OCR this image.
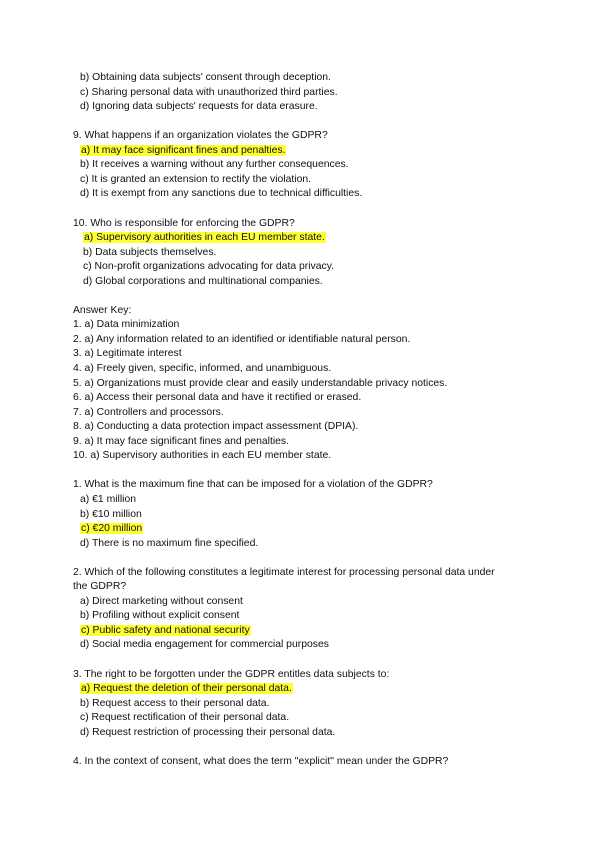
b) Obtaining data subjects' consent through deception.
c) Sharing personal data with unauthorized third parties.
d) Ignoring data subjects' requests for data erasure.
9. What happens if an organization violates the GDPR?
a) It may face significant fines and penalties.
b) It receives a warning without any further consequences.
c) It is granted an extension to rectify the violation.
d) It is exempt from any sanctions due to technical difficulties.
10. Who is responsible for enforcing the GDPR?
a) Supervisory authorities in each EU member state.
b) Data subjects themselves.
c) Non-profit organizations advocating for data privacy.
d) Global corporations and multinational companies.
Answer Key:
1. a) Data minimization
2. a) Any information related to an identified or identifiable natural person.
3. a) Legitimate interest
4. a) Freely given, specific, informed, and unambiguous.
5. a) Organizations must provide clear and easily understandable privacy notices.
6. a) Access their personal data and have it rectified or erased.
7. a) Controllers and processors.
8. a) Conducting a data protection impact assessment (DPIA).
9. a) It may face significant fines and penalties.
10. a) Supervisory authorities in each EU member state.
1. What is the maximum fine that can be imposed for a violation of the GDPR?
a) €1 million
b) €10 million
c) €20 million
d) There is no maximum fine specified.
2. Which of the following constitutes a legitimate interest for processing personal data under
the GDPR?
a) Direct marketing without consent
b) Profiling without explicit consent
c) Public safety and national security
d) Social media engagement for commercial purposes
3. The right to be forgotten under the GDPR entitles data subjects to:
a) Request the deletion of their personal data.
b) Request access to their personal data.
c) Request rectification of their personal data.
d) Request restriction of processing their personal data.
4. In the context of consent, what does the term "explicit" mean under the GDPR?
